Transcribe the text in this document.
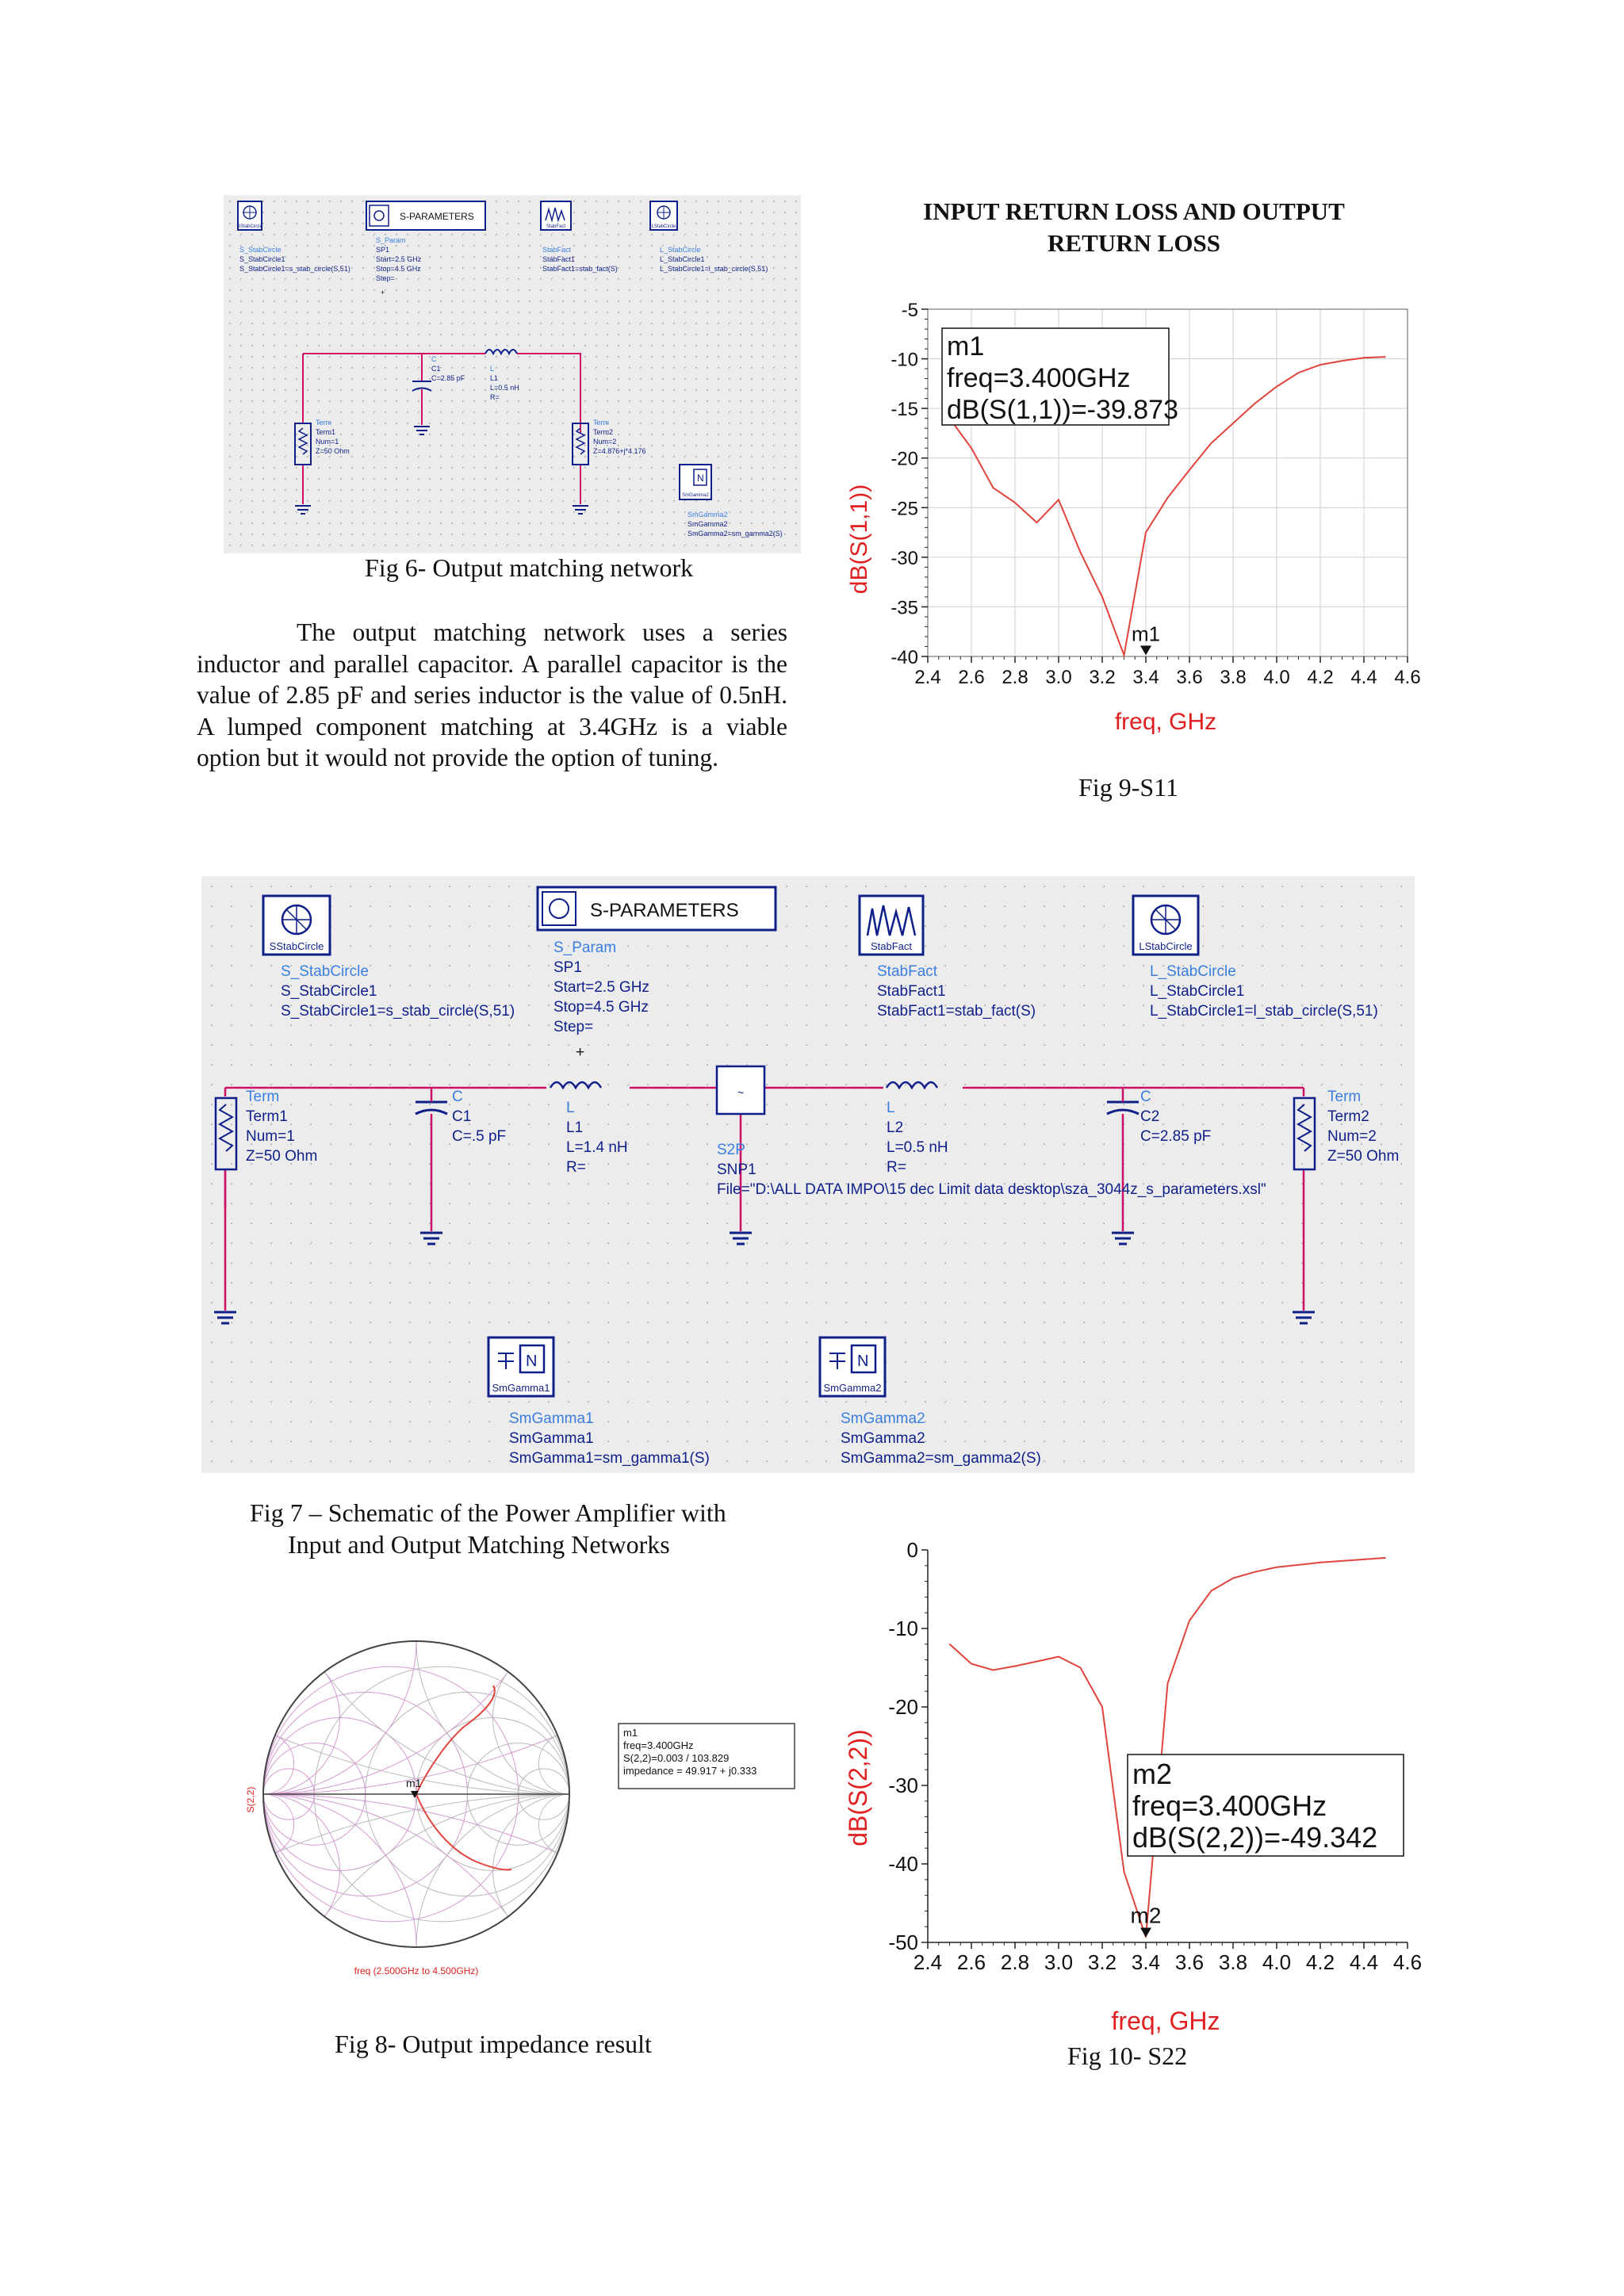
SStabCircle
S-PARAMETERS
StabFact	LStabCircle
S_StabCircle
S_StabCircle1
S_StabCircle1=s_stab_circle(S,51)
S_Param
SP1
Start=2.5 GHz
Stop=4.5 GHz
Step=
+
StabFact
StabFact1
StabFact1=stab_fact(S)
L_StabCircle
L_StabCircle1
L_StabCircle1=l_stab_circle(S,51)
C
C1
C=2.85 pF
L
L1
L=0.5 nH
R=
Term
Term1
Num=1
Z=50 Ohm
Term
Term2
Num=2
Z=4.876+j*4.176
N
SmGamma2
SmGamma2
SmGamma2
SmGamma2=sm_gamma2(S)
Fig 6- Output matching network

The output matching network uses a series inductor and parallel capacitor. A parallel capacitor is the value of 2.85 pF and series inductor is the value of 0.5nH. A lumped component matching at 3.4GHz is a viable option but it would not provide the option of tuning.

INPUT RETURN LOSS AND OUTPUT
RETURN LOSS
2.4 2.6 2.8 3.0 3.2 3.4 3.6 3.8 4.0 4.2 4.4 4.6
-5
-10
-15
-20
-25
-30
-35
-40
m1
m1
freq=3.400GHz
dB(S(1,1))=-39.873
freq, GHz
dB(S(1,1))
Fig 9-S11
SStabCircle
S-PARAMETERS
StabFact	LStabCircle
S_StabCircle
S_StabCircle1
S_StabCircle1=s_stab_circle(S,51)
S_Param
SP1
Start=2.5 GHz
Stop=4.5 GHz
Step=
+
StabFact
StabFact1
StabFact1=stab_fact(S)
L_StabCircle
L_StabCircle1
L_StabCircle1=l_stab_circle(S,51)
~
Term
Term1
Num=1
Z=50 Ohm
C
C1
C=.5 pF
L
L1
L=1.4 nH
R=
S2P
SNP1
File="D:\ALL DATA IMPO\15 dec Limit data desktop\sza_3044z_s_parameters.xsl"
L
L2
L=0.5 nH
R=
C
C2
C=2.85 pF
Term
Term2
Num=2
Z=50 Ohm
N
SmGamma1
N
SmGamma2
SmGamma1
SmGamma1
SmGamma1=sm_gamma1(S)
SmGamma2
SmGamma2
SmGamma2=sm_gamma2(S)
Fig 7 – Schematic of the Power Amplifier with
Input and Output Matching Networks
m1
S(2,2)
freq (2.500GHz to 4.500GHz)
m1
freq=3.400GHz
S(2,2)=0.003 / 103.829
impedance = 49.917 + j0.333
Fig 8- Output impedance result
2.4 2.6 2.8 3.0 3.2 3.4 3.6 3.8 4.0 4.2 4.4 4.6
0
-10
-20
-30
-40
-50
m2
m2
freq=3.400GHz
dB(S(2,2))=-49.342
freq, GHz
dB(S(2,2))
Fig 10- S22
